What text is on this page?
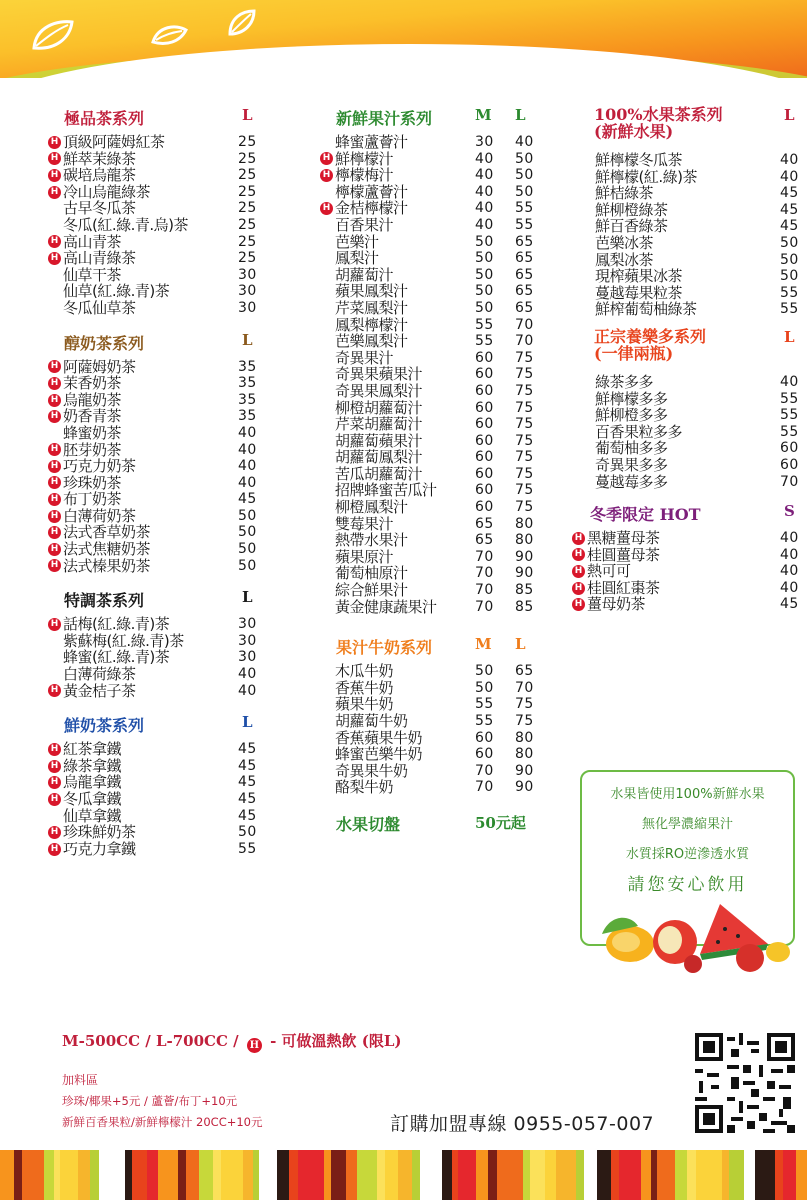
極品茶系列	L
H 頂級阿薩姆紅茶	25
H 鮮萃茉綠茶	25
H 碳培烏龍茶	25
H 冷山烏龍綠茶	25
古早冬瓜茶	25
冬瓜(紅.綠.青.烏)茶	25
H 高山青茶	25
H 高山青綠茶	25
仙草干茶	30
仙草(紅.綠.青)茶	30
冬瓜仙草茶	30
醇奶茶系列	L
H 阿薩姆奶茶	35
H 茉香奶茶	35
H 烏龍奶茶	35
H 奶香青茶	35
蜂蜜奶茶	40
H 胚芽奶茶	40
H 巧克力奶茶	40
H 珍珠奶茶	40
H 布丁奶茶	45
H 白薄荷奶茶	50
H 法式香草奶茶	50
H 法式焦糖奶茶	50
H 法式榛果奶茶	50
特調茶系列	L
H 話梅(紅.綠.青)茶	30
紫蘇梅(紅.綠.青)茶	30
蜂蜜(紅.綠.青)茶	30
白薄荷綠茶	40
H 黃金桔子茶	40
鮮奶茶系列	L
H 紅茶拿鐵	45
H 綠茶拿鐵	45
H 烏龍拿鐵	45
H 冬瓜拿鐵	45
仙草拿鐵	45
H 珍珠鮮奶茶	50
H 巧克力拿鐵	55
新鮮果汁系列	M	L
蜂蜜蘆薈汁	30	40
H 鮮檸檬汁	40	50
H 檸檬梅汁	40	50
檸檬蘆薈汁	40	50
H 金桔檸檬汁	40	55
百香果汁	40	55
芭樂汁	50	65
鳳梨汁	50	65
胡蘿蔔汁	50	65
蘋果鳳梨汁	50	65
芹菜鳳梨汁	50	65
鳳梨檸檬汁	55	70
芭樂鳳梨汁	55	70
奇異果汁	60	75
奇異果蘋果汁	60	75
奇異果鳳梨汁	60	75
柳橙胡蘿蔔汁	60	75
芹菜胡蘿蔔汁	60	75
胡蘿蔔蘋果汁	60	75
胡蘿蔔鳳梨汁	60	75
苦瓜胡蘿蔔汁	60	75
招牌蜂蜜苦瓜汁	60	75
柳橙鳳梨汁	60	75
雙莓果汁	65	80
熱帶水果汁	65	80
蘋果原汁	70	90
葡萄柚原汁	70	90
綜合鮮果汁	70	85
黃金健康蔬果汁	70	85
果汁牛奶系列	M	L
木瓜牛奶	50	65
香蕉牛奶	50	70
蘋果牛奶	55	75
胡蘿蔔牛奶	55	75
香蕉蘋果牛奶	60	80
蜂蜜芭樂牛奶	60	80
奇異果牛奶	70	90
酪梨牛奶	70	90
水果切盤	50元起
100%水果茶系列
(新鮮水果)
L
鮮檸檬冬瓜茶	40
鮮檸檬(紅.綠)茶	40
鮮桔綠茶	45
鮮柳橙綠茶	45
鮮百香綠茶	45
芭樂冰茶	50
鳳梨冰茶	50
現榨蘋果冰茶	50
蔓越莓果粒茶	55
鮮榨葡萄柚綠茶	55
正宗養樂多系列
(一律兩瓶)
L
綠茶多多	40
鮮檸檬多多	55
鮮柳橙多多	55
百香果粒多多	55
葡萄柚多多	60
奇異果多多	60
蔓越莓多多	70
冬季限定 HOT	S
H 黑糖薑母茶	40
H 桂圓薑母茶	40
H 熱可可	40
H 桂圓紅棗茶	40
H 薑母奶茶	45
水果皆使用100%新鮮水果
無化學濃縮果汁
水質採RO逆滲透水質
請您安心飲用
M-500CC / L-700CC / H - 可做溫熱飲 (限L)
加料區
珍珠/椰果+5元 / 蘆薈/布丁+10元
新鮮百香果粒/新鮮檸檬汁 20CC+10元	訂購加盟專線 0955-057-007
